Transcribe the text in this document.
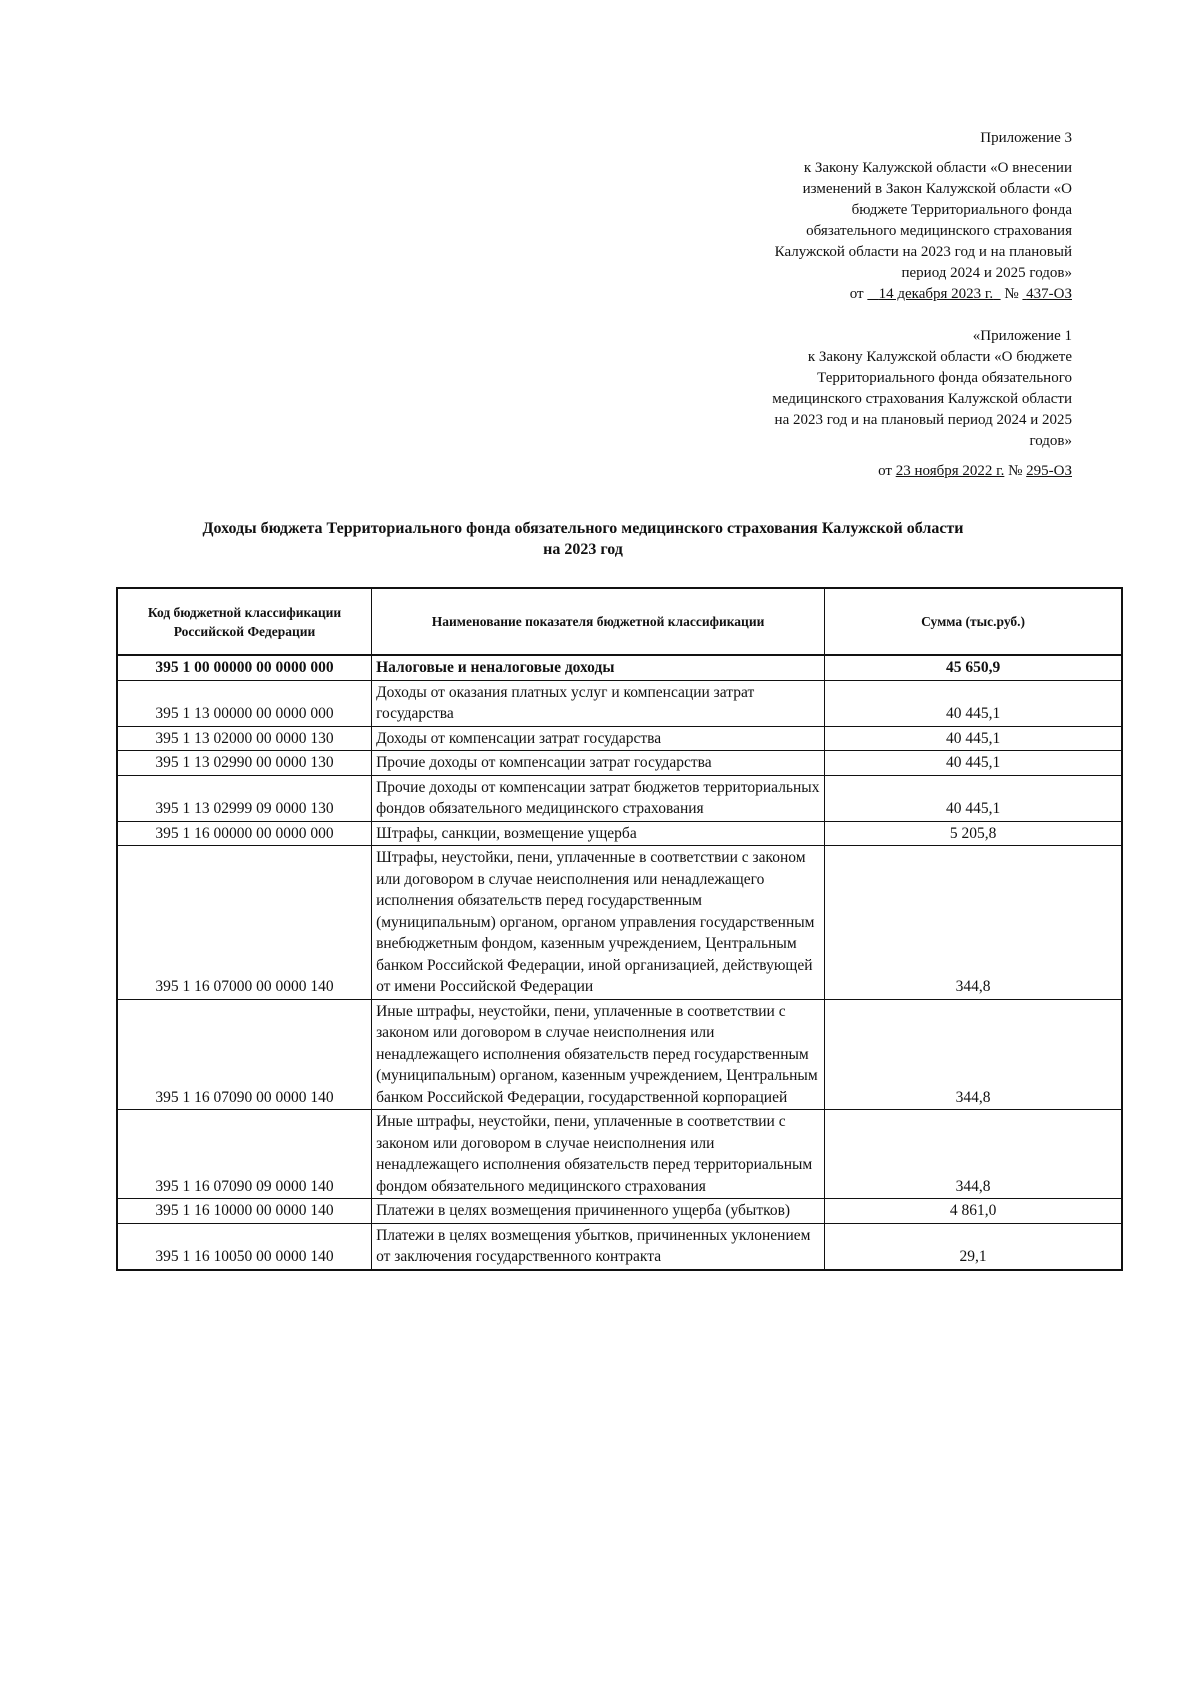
Приложение 3
к Закону Калужской области «О внесении изменений в Закон Калужской области «О бюджете Территориального фонда обязательного медицинского страхования Калужской области на 2023 год и на плановый период 2024 и 2025 годов»
от 14 декабря 2023 г. № 437-ОЗ
«Приложение 1
к Закону Калужской области «О бюджете Территориального фонда обязательного медицинского страхования Калужской области на 2023 год и на плановый период 2024 и 2025 годов»
от 23 ноября 2022 г. № 295-ОЗ
Доходы бюджета Территориального фонда обязательного медицинского страхования Калужской области
на 2023 год
Код бюджетной классификации Российской Федерации	Наименование показателя бюджетной классификации	Сумма (тыс.руб.)
395 1 00 00000 00 0000 000	Налоговые и неналоговые доходы	45 650,9
395 1 13 00000 00 0000 000	Доходы от оказания платных услуг и компенсации затрат государства	40 445,1
395 1 13 02000 00 0000 130	Доходы от компенсации затрат государства	40 445,1
395 1 13 02990 00 0000 130	Прочие доходы от компенсации затрат государства	40 445,1
395 1 13 02999 09 0000 130	Прочие доходы от компенсации затрат бюджетов территориальных фондов обязательного медицинского страхования	40 445,1
395 1 16 00000 00 0000 000	Штрафы, санкции, возмещение ущерба	5 205,8
395 1 16 07000 00 0000 140	Штрафы, неустойки, пени, уплаченные в соответствии с законом или договором в случае неисполнения или ненадлежащего исполнения обязательств перед государственным (муниципальным) органом, органом управления государственным внебюджетным фондом, казенным учреждением, Центральным банком Российской Федерации, иной организацией, действующей от имени Российской Федерации	344,8
395 1 16 07090 00 0000 140	Иные штрафы, неустойки, пени, уплаченные в соответствии с законом или договором в случае неисполнения или ненадлежащего исполнения обязательств перед государственным (муниципальным) органом, казенным учреждением, Центральным банком Российской Федерации, государственной корпорацией	344,8
395 1 16 07090 09 0000 140	Иные штрафы, неустойки, пени, уплаченные в соответствии с законом или договором в случае неисполнения или ненадлежащего исполнения обязательств перед территориальным фондом обязательного медицинского страхования	344,8
395 1 16 10000 00 0000 140	Платежи в целях возмещения причиненного ущерба (убытков)	4 861,0
395 1 16 10050 00 0000 140	Платежи в целях возмещения убытков, причиненных уклонением от заключения государственного контракта	29,1
